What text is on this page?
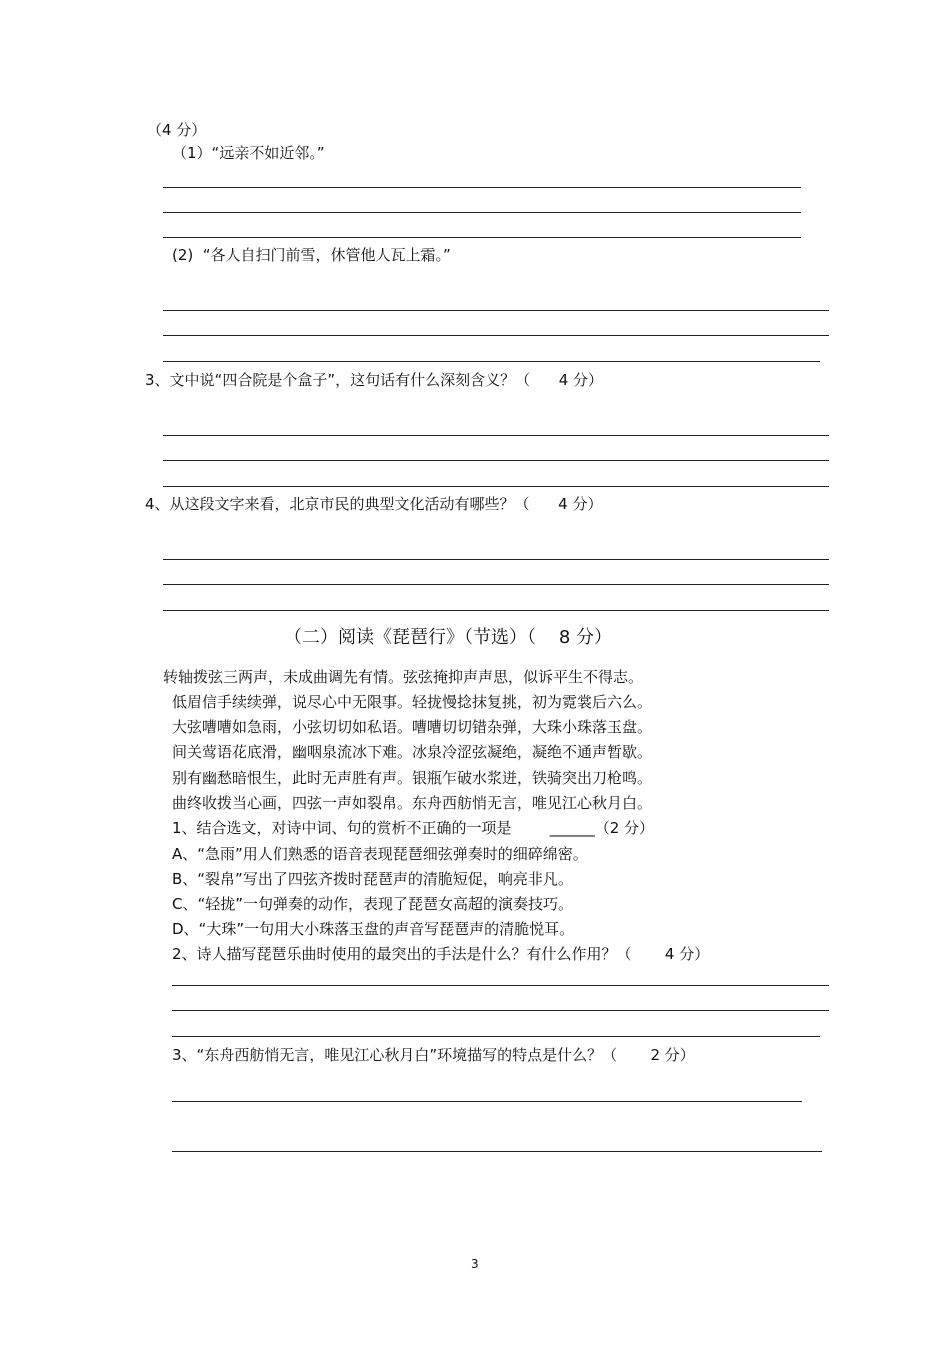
（4 分）
（1）“远亲不如近邻。”
(2)  “各人自扫门前雪，休管他人瓦上霜。”
3、文中说“四合院是个盒子”，这句话有什么深刻含义？（      4 分）
4、从这段文字来看，北京市民的典型文化活动有哪些？（      4 分）
（二）阅读《琵琶行》（节选）（    8 分）
转轴拨弦三两声，未成曲调先有情。弦弦掩抑声声思，似诉平生不得志。
低眉信手续续弹，说尽心中无限事。轻拢慢捻抹复挑，初为霓裳后六么。
大弦嘈嘈如急雨，小弦切切如私语。嘈嘈切切错杂弹，大珠小珠落玉盘。
间关莺语花底滑，幽咽泉流冰下难。冰泉冷涩弦凝绝，凝绝不通声暂歇。
别有幽愁暗恨生，此时无声胜有声。银瓶乍破水浆迸，铁骑突出刀枪鸣。
曲终收拨当心画，四弦一声如裂帛。东舟西舫悄无言，唯见江心秋月白。
1、结合选文，对诗中词、句的赏析不正确的一项是        ______（2 分）
A、“急雨”用人们熟悉的语音表现琵琶细弦弹奏时的细碎绵密。
B、“裂帛”写出了四弦齐拨时琵琶声的清脆短促，响亮非凡。
C、“轻拢”一句弹奏的动作，表现了琵琶女高超的演奏技巧。
D、“大珠”一句用大小珠落玉盘的声音写琵琶声的清脆悦耳。
2、诗人描写琵琶乐曲时使用的最突出的手法是什么？有什么作用？（       4 分）
3、“东舟西舫悄无言，唯见江心秋月白”环境描写的特点是什么？（       2 分）
3
